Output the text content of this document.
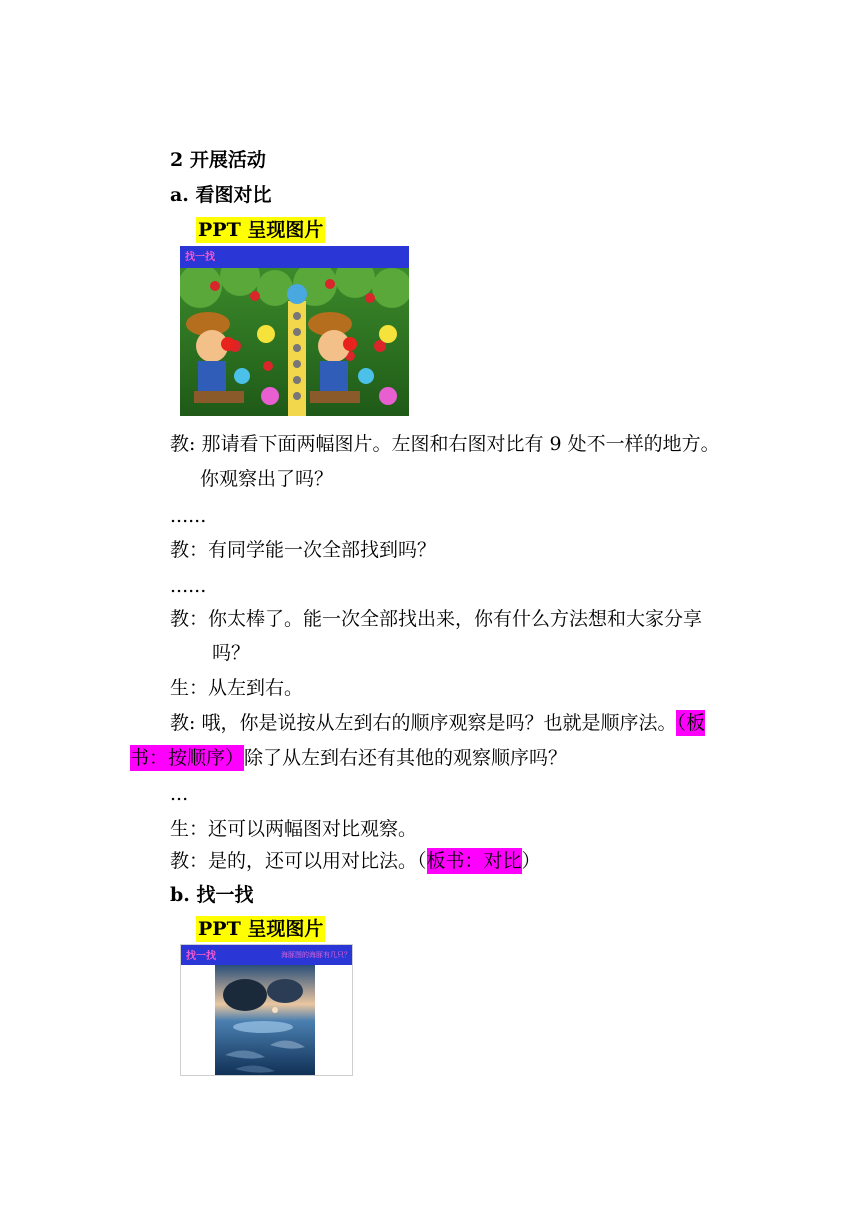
2 开展活动
a. 看图对比
PPT 呈现图片
找一找
教: 那请看下面两幅图片。左图和右图对比有 9 处不一样的地方。
你观察出了吗？
......
教：有同学能一次全部找到吗？
......
教：你太棒了。能一次全部找出来，你有什么方法想和大家分享
吗？
生：从左到右。
教: 哦，你是说按从左到右的顺序观察是吗？也就是顺序法。（板
书：按顺序）除了从左到右还有其他的观察顺序吗？
...
生：还可以两幅图对比观察。
教：是的，还可以用对比法。（板书：对比）
b. 找一找
PPT 呈现图片
找一找	海豚图的海豚有几只？
